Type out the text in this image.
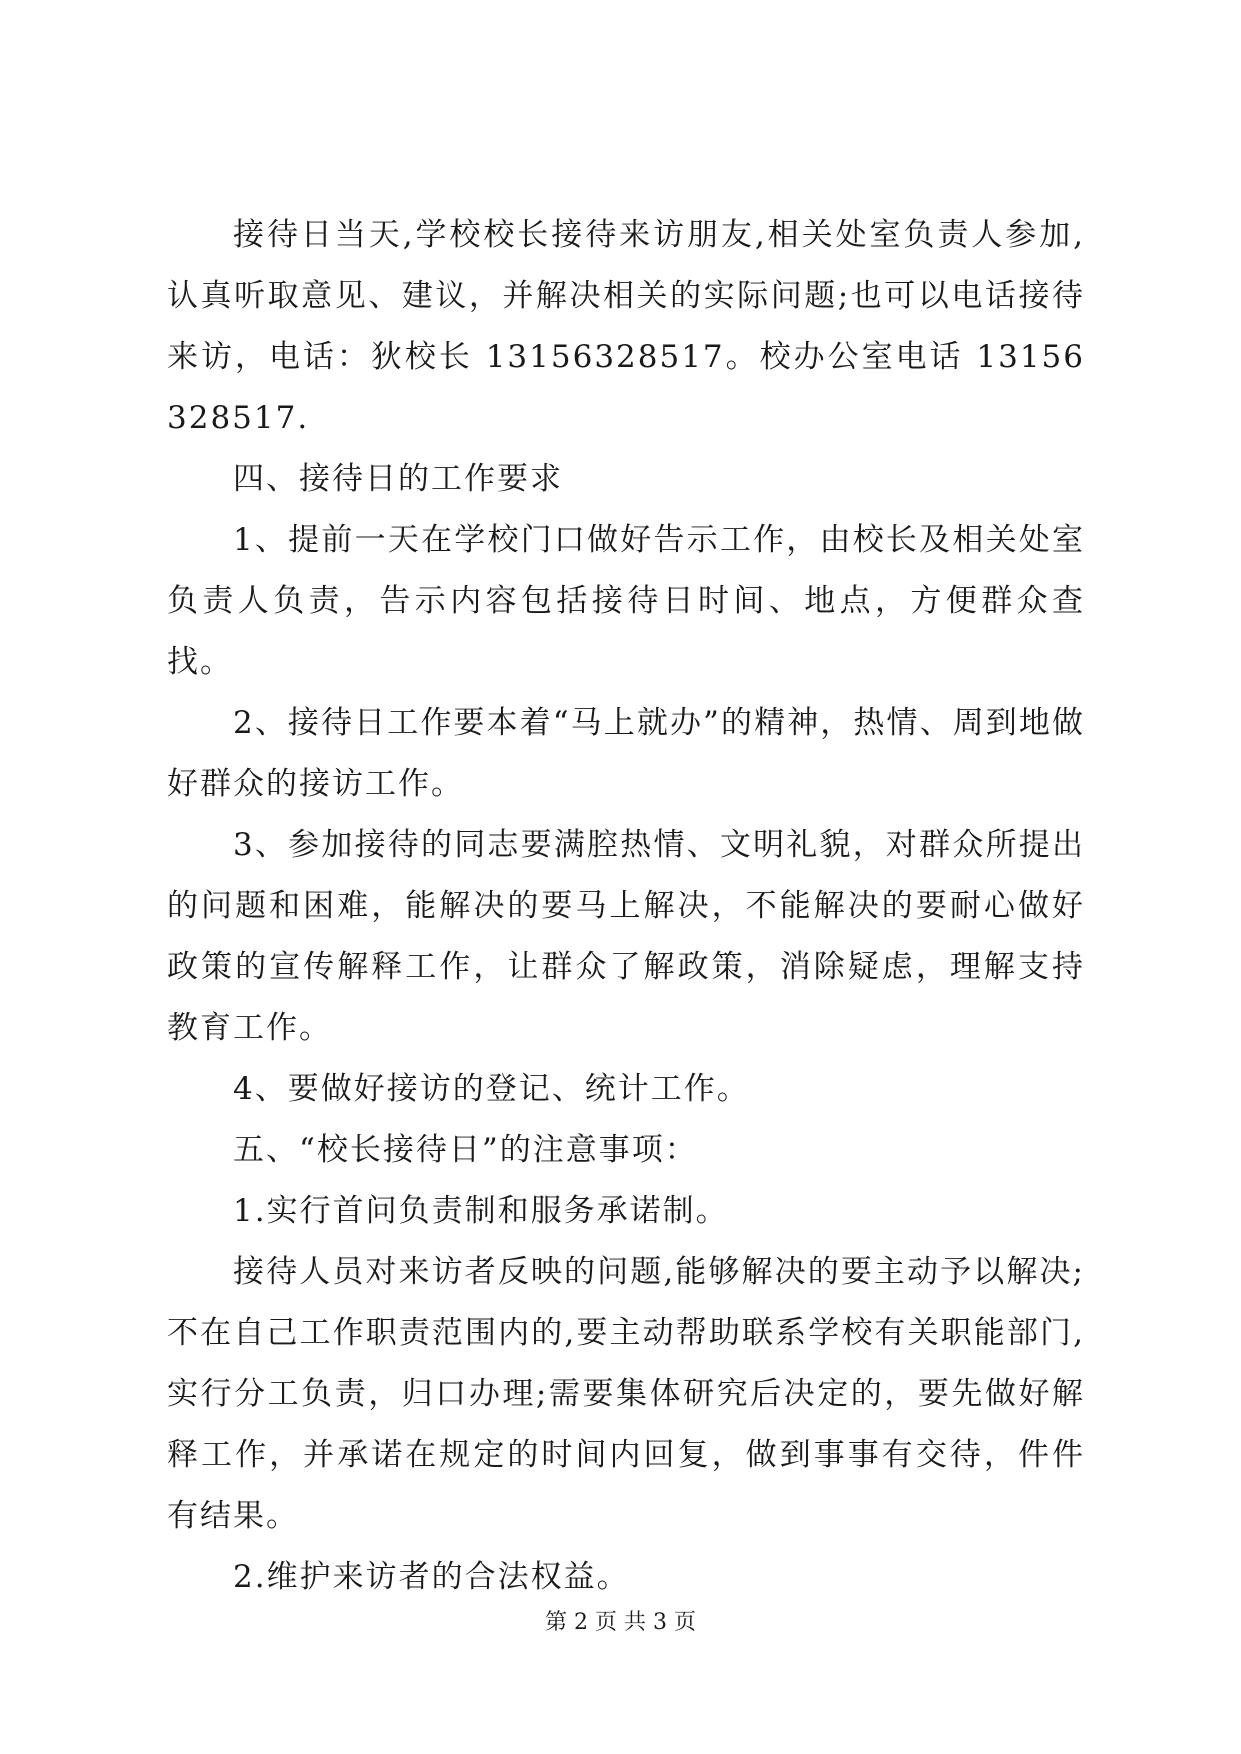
接待日当天,学校校长接待来访朋友,相关处室负责人参加,认真听取意见、建议，并解决相关的实际问题;也可以电话接待来访，电话：狄校长 13156328517。校办公室电话 13156328517.

四、接待日的工作要求

1、提前一天在学校门口做好告示工作，由校长及相关处室负责人负责，告示内容包括接待日时间、地点，方便群众查找。

2、接待日工作要本着“马上就办”的精神，热情、周到地做好群众的接访工作。

3、参加接待的同志要满腔热情、文明礼貌，对群众所提出的问题和困难，能解决的要马上解决，不能解决的要耐心做好政策的宣传解释工作，让群众了解政策，消除疑虑，理解支持教育工作。

4、要做好接访的登记、统计工作。

五、“校长接待日”的注意事项：

1.实行首问负责制和服务承诺制。

接待人员对来访者反映的问题,能够解决的要主动予以解决;不在自己工作职责范围内的,要主动帮助联系学校有关职能部门,实行分工负责，归口办理;需要集体研究后决定的，要先做好解释工作，并承诺在规定的时间内回复，做到事事有交待，件件有结果。

2.维护来访者的合法权益。

第 2 页 共 3 页
